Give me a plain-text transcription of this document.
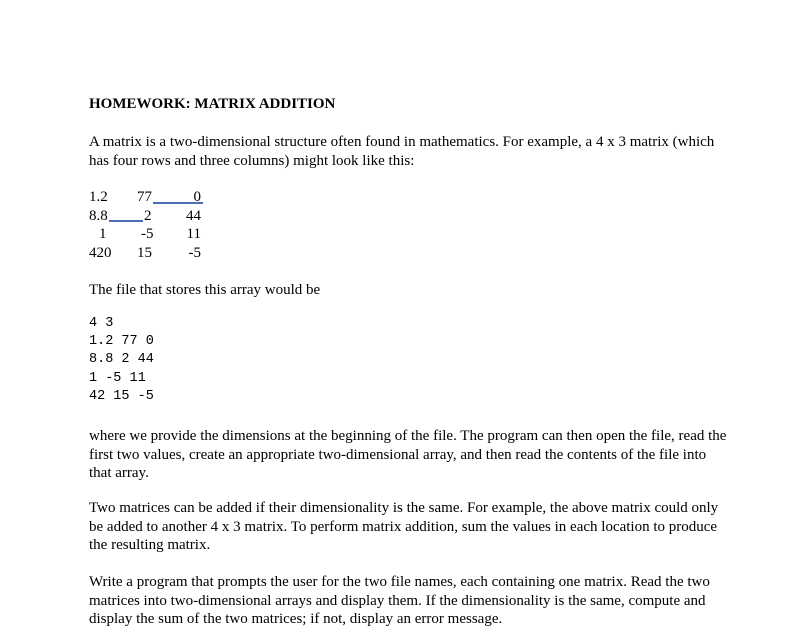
HOMEWORK: MATRIX ADDITION
A matrix is a two-dimensional structure often found in mathematics. For example, a 4 x 3 matrix (which has four rows and three columns) might look like this:
1.2 77	0
8.8 2 44
1 -5 11
420 15 -5
The file that stores this array would be
4 3
1.2 77 0
8.8 2 44
1 -5 11
42 15 -5
where we provide the dimensions at the beginning of the file. The program can then open the file, read the first two values, create an appropriate two-dimensional array, and then read the contents of the file into that array.
Two matrices can be added if their dimensionality is the same. For example, the above matrix could only be added to another 4 x 3 matrix. To perform matrix addition, sum the values in each location to produce the resulting matrix.
Write a program that prompts the user for the two file names, each containing one matrix. Read the two matrices into two-dimensional arrays and display them. If the dimensionality is the same, compute and display the sum of the two matrices; if not, display an error message.
